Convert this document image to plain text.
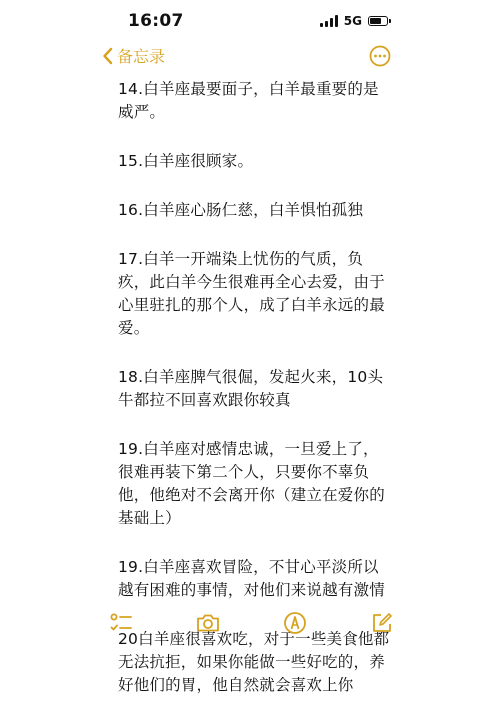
16:07	5G
备忘录

14.白羊座最要面子，白羊最重要的是威严。

15.白羊座很顾家。

16.白羊座心肠仁慈，白羊惧怕孤独

17.白羊一开端染上忧伤的气质，负疚，此白羊今生很难再全心去爱，由于心里驻扎的那个人，成了白羊永远的最爱。

18.白羊座脾气很倔，发起火来，10头牛都拉不回喜欢跟你较真

19.白羊座对感情忠诚，一旦爱上了，很难再装下第二个人，只要你不辜负他，他绝对不会离开你（建立在爱你的基础上）

19.白羊座喜欢冒险，不甘心平淡所以越有困难的事情，对他们来说越有激情

20白羊座很喜欢吃，对于一些美食他都无法抗拒，如果你能做一些好吃的，养好他们的胃，他自然就会喜欢上你
